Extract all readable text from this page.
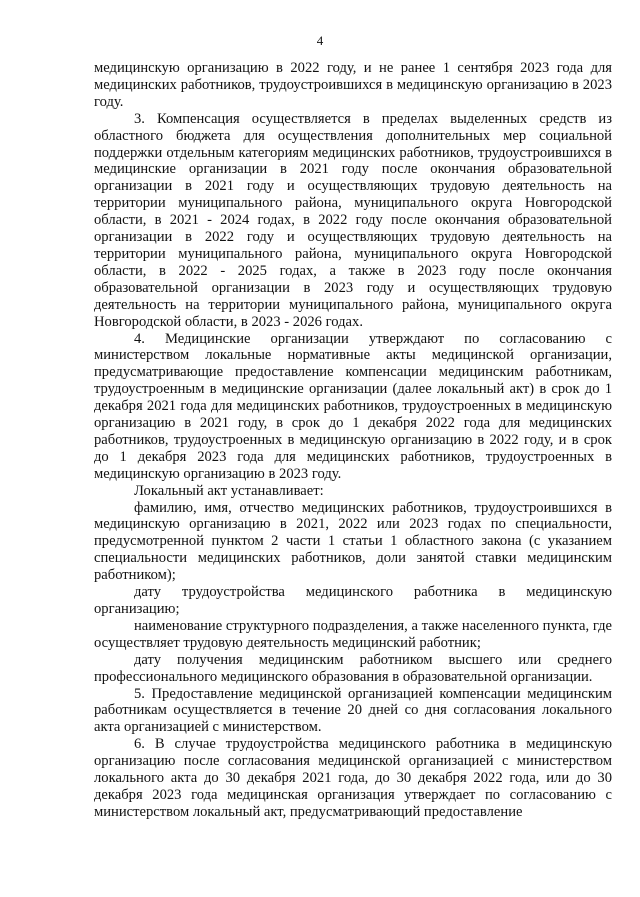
4

медицинскую организацию в 2022 году, и не ранее 1 сентября 2023 года для медицинских работников, трудоустроившихся в медицинскую организацию в 2023 году.

3. Компенсация осуществляется в пределах выделенных средств из областного бюджета для осуществления дополнительных мер социальной поддержки отдельным категориям медицинских работников, трудоустроившихся в медицинские организации в 2021 году после окончания образовательной организации в 2021 году и осуществляющих трудовую деятельность на территории муниципального района, муниципального округа Новгородской области, в 2021 - 2024 годах, в 2022 году после окончания образовательной организации в 2022 году и осуществляющих трудовую деятельность на территории муниципального района, муниципального округа Новгородской области, в 2022 - 2025 годах, а также в 2023 году после окончания образовательной организации в 2023 году и осуществляющих трудовую деятельность на территории муниципального района, муниципального округа Новгородской области, в 2023 - 2026 годах.

4. Медицинские организации утверждают по согласованию с министерством локальные нормативные акты медицинской организации, предусматривающие предоставление компенсации медицинским работникам, трудоустроенным в медицинские организации (далее локальный акт) в срок до 1 декабря 2021 года для медицинских работников, трудоустроенных в медицинскую организацию в 2021 году, в срок до 1 декабря 2022 года для медицинских работников, трудоустроенных в медицинскую организацию в 2022 году, и в срок до 1 декабря 2023 года для медицинских работников, трудоустроенных в медицинскую организацию в 2023 году.

Локальный акт устанавливает:

фамилию, имя, отчество медицинских работников, трудоустроившихся в медицинскую организацию в 2021, 2022 или 2023 годах по специальности, предусмотренной пунктом 2 части 1 статьи 1 областного закона (с указанием специальности медицинских работников, доли занятой ставки медицинским работником);

дату трудоустройства медицинского работника в медицинскую организацию;

наименование структурного подразделения, а также населенного пункта, где осуществляет трудовую деятельность медицинский работник;

дату получения медицинским работником высшего или среднего профессионального медицинского образования в образовательной организации.

5. Предоставление медицинской организацией компенсации медицинским работникам осуществляется в течение 20 дней со дня согласования локального акта организацией с министерством.

6. В случае трудоустройства медицинского работника в медицинскую организацию после согласования медицинской организацией с министерством локального акта до 30 декабря 2021 года, до 30 декабря 2022 года, или до 30 декабря 2023 года медицинская организация утверждает по согласованию с министерством локальный акт, предусматривающий предоставление
